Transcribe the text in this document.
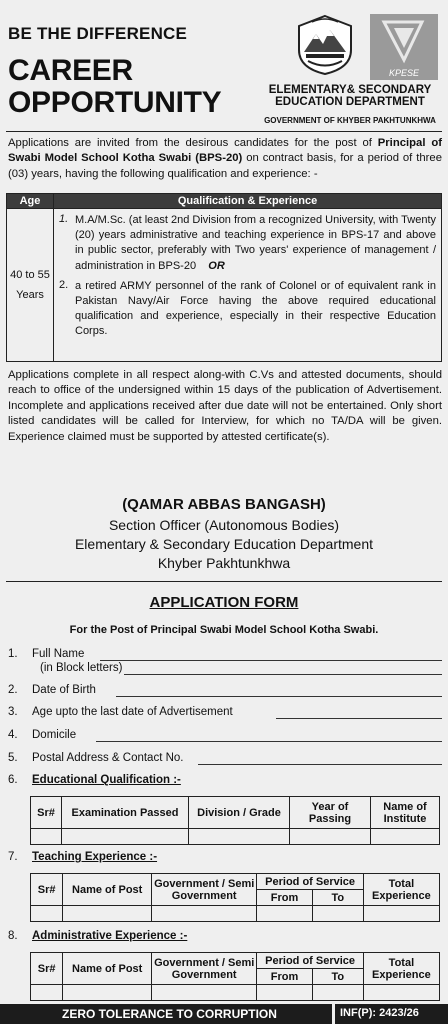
BE THE DIFFERENCE
CAREER
OPPORTUNITY
KPESE
ELEMENTARY& SECONDARY
EDUCATION DEPARTMENT
GOVERNMENT OF KHYBER PAKHTUNKHWA
Applications are invited from the desirous candidates for the post of Principal of Swabi Model School Kotha Swabi (BPS-20) on contract basis, for a period of three (03) years, having the following qualification and experience: -
Age	Qualification & Experience
40 to 55 Years	1. M.A/M.Sc. (at least 2nd Division from a recognized University, with Twenty (20) years administrative and teaching experience in BPS-17 and above in public sector, preferably with Two years' experience of management / administration in BPS-20 OR
2. a retired ARMY personnel of the rank of Colonel or of equivalent rank in Pakistan Navy/Air Force having the above required educational qualification and experience, especially in their respective Education Corps.
Applications complete in all respect along-with C.Vs and attested documents, should reach to office of the undersigned within 15 days of the publication of Advertisement. Incomplete and applications received after due date will not be entertained. Only short listed candidates will be called for Interview, for which no TA/DA will be given. Experience claimed must be supported by attested certificate(s).
(QAMAR ABBAS BANGASH)
Section Officer (Autonomous Bodies)
Elementary & Secondary Education Department
Khyber Pakhtunkhwa
APPLICATION FORM
For the Post of Principal Swabi Model School Kotha Swabi.
1. Full Name
(in Block letters)
2. Date of Birth
3. Age upto the last date of Advertisement
4. Domicile
5. Postal Address & Contact No.
6. Educational Qualification :-
Sr#	Examination Passed	Division / Grade	Year of Passing	Name of Institute

7. Teaching Experience :-
Sr#	Name of Post	Government / Semi Government	Period of Service		Total Experience
			From	To	

8. Administrative Experience :-
Sr#	Name of Post	Government / Semi Government	Period of Service		Total Experience
			From	To	

ZERO TOLERANCE TO CORRUPTION	INF(P): 2423/26
